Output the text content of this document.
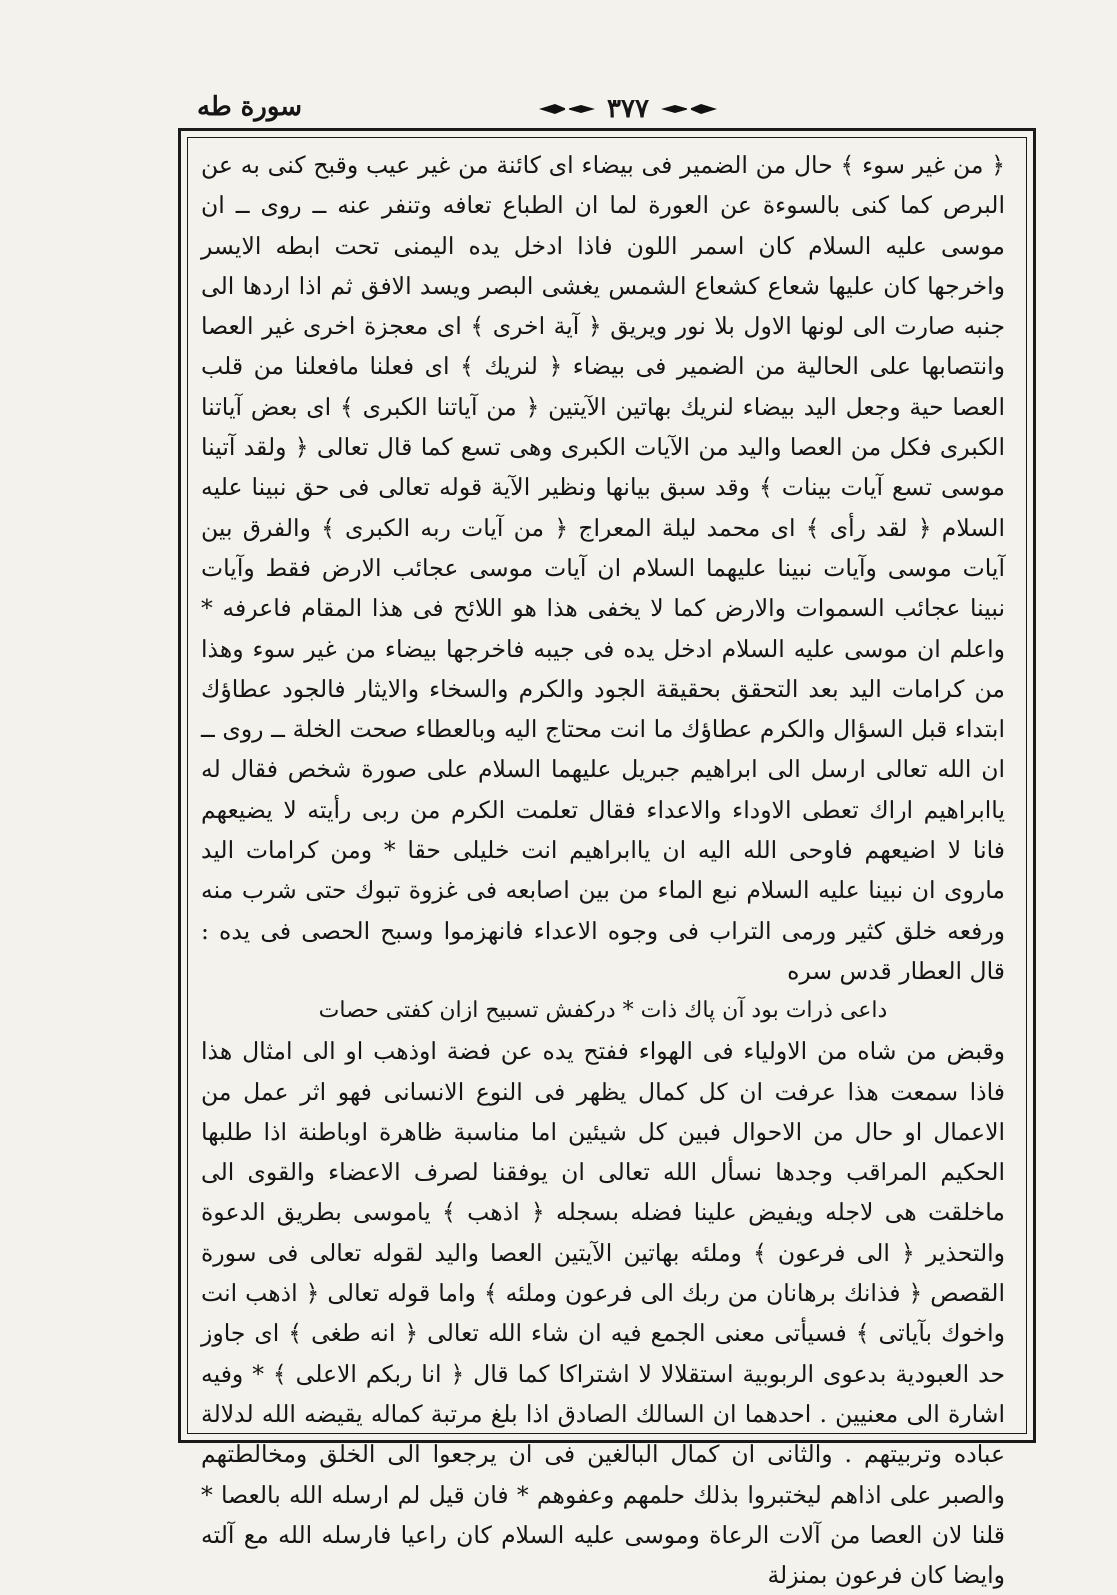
سورة طه	٣٧٧

﴿ من غير سوء ﴾ حال من الضمير فى بيضاء اى كائنة من غير عيب وقبح كنى به عن البرص كما كنى بالسوءة عن العورة لما ان الطباع تعافه وتنفر عنه ــ روى ــ ان موسى عليه السلام كان اسمر اللون فاذا ادخل يده اليمنى تحت ابطه الايسر واخرجها كان عليها شعاع كشعاع الشمس يغشى البصر ويسد الافق ثم اذا اردها الى جنبه صارت الى لونها الاول بلا نور ويريق ﴿ آية اخرى ﴾ اى معجزة اخرى غير العصا وانتصابها على الحالية من الضمير فى بيضاء ﴿ لنريك ﴾ اى فعلنا مافعلنا من قلب العصا حية وجعل اليد بيضاء لنريك بهاتين الآيتين ﴿ من آياتنا الكبرى ﴾ اى بعض آياتنا الكبرى فكل من العصا واليد من الآيات الكبرى وهى تسع كما قال تعالى ﴿ ولقد آتينا موسى تسع آيات بينات ﴾ وقد سبق بيانها ونظير الآية قوله تعالى فى حق نبينا عليه السلام ﴿ لقد رأى ﴾ اى محمد ليلة المعراج ﴿ من آيات ربه الكبرى ﴾ والفرق بين آيات موسى وآيات نبينا عليهما السلام ان آيات موسى عجائب الارض فقط وآيات نبينا عجائب السموات والارض كما لا يخفى هذا هو اللائح فى هذا المقام فاعرفه * واعلم ان موسى عليه السلام ادخل يده فى جيبه فاخرجها بيضاء من غير سوء وهذا من كرامات اليد بعد التحقق بحقيقة الجود والكرم والسخاء والايثار فالجود عطاؤك ابتداء قبل السؤال والكرم عطاؤك ما انت محتاج اليه وبالعطاء صحت الخلة ــ روى ــ ان الله تعالى ارسل الى ابراهيم جبريل عليهما السلام على صورة شخص فقال له ياابراهيم اراك تعطى الاوداء والاعداء فقال تعلمت الكرم من ربى رأيته لا يضيعهم فانا لا اضيعهم فاوحى الله اليه ان ياابراهيم انت خليلى حقا * ومن كرامات اليد ماروى ان نبينا عليه السلام نبع الماء من بين اصابعه فى غزوة تبوك حتى شرب منه ورفعه خلق كثير ورمى التراب فى وجوه الاعداء فانهزموا وسبح الحصى فى يده : قال العطار قدس سره

داعى ذرات بود آن پاك ذات * دركفش تسبيح ازان كفتى حصات

وقبض من شاه من الاولياء فى الهواء ففتح يده عن فضة اوذهب او الى امثال هذا فاذا سمعت هذا عرفت ان كل كمال يظهر فى النوع الانسانى فهو اثر عمل من الاعمال او حال من الاحوال فبين كل شيئين اما مناسبة ظاهرة اوباطنة اذا طلبها الحكيم المراقب وجدها نسأل الله تعالى ان يوفقنا لصرف الاعضاء والقوى الى ماخلقت هى لاجله ويفيض علينا فضله بسجله ﴿ اذهب ﴾ ياموسى بطريق الدعوة والتحذير ﴿ الى فرعون ﴾ وملئه بهاتين الآيتين العصا واليد لقوله تعالى فى سورة القصص ﴿ فذانك برهانان من ربك الى فرعون وملئه ﴾ واما قوله تعالى ﴿ اذهب انت واخوك بآياتى ﴾ فسيأتى معنى الجمع فيه ان شاء الله تعالى ﴿ انه طغى ﴾ اى جاوز حد العبودية بدعوى الربوبية استقلالا لا اشتراكا كما قال ﴿ انا ربكم الاعلى ﴾ * وفيه اشارة الى معنيين . احدهما ان السالك الصادق اذا بلغ مرتبة كماله يقيضه الله لدلالة عباده وتربيتهم . والثانى ان كمال البالغين فى ان يرجعوا الى الخلق ومخالطتهم والصبر على اذاهم ليختبروا بذلك حلمهم وعفوهم * فان قيل لم ارسله الله بالعصا * قلنا لان العصا من آلات الرعاة وموسى عليه السلام كان راعيا فارسله الله مع آلته وايضا كان فرعون بمنزلة
